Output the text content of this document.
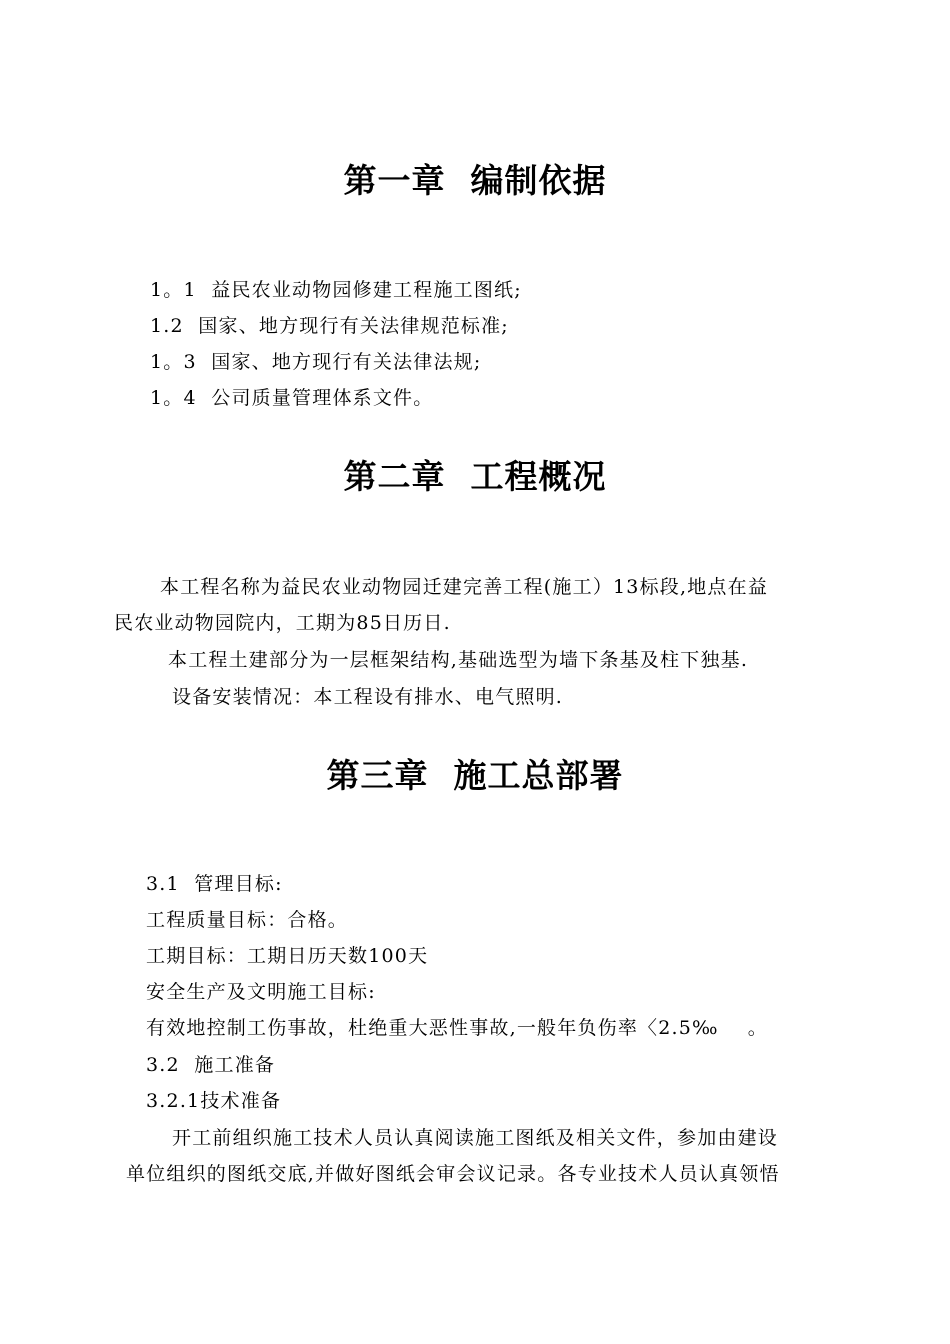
第一章  编制依据
1。1  益民农业动物园修建工程施工图纸;
1.2  国家、地方现行有关法律规范标准;
1。3  国家、地方现行有关法律法规;
1。4  公司质量管理体系文件。
第二章  工程概况
本工程名称为益民农业动物园迁建完善工程(施工）13标段,地点在益
民农业动物园院内，工期为85日历日.
本工程土建部分为一层框架结构,基础选型为墙下条基及柱下独基.
设备安装情况：本工程设有排水、电气照明.
第三章  施工总部署
3.1  管理目标:
工程质量目标：合格。
工期目标：工期日历天数100天
安全生产及文明施工目标:
有效地控制工伤事故，杜绝重大恶性事故,一般年负伤率〈2.5‰    。
3.2  施工准备
3.2.1技术准备
开工前组织施工技术人员认真阅读施工图纸及相关文件，参加由建设
单位组织的图纸交底,并做好图纸会审会议记录。各专业技术人员认真领悟
